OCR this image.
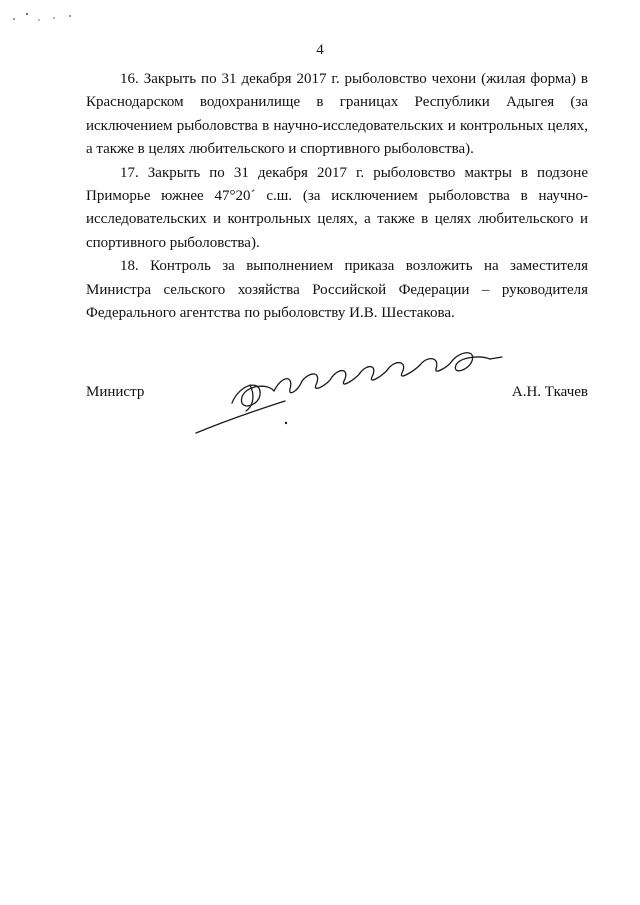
4

16. Закрыть по 31 декабря 2017 г. рыболовство чехони (жилая форма) в Краснодарском водохранилище в границах Республики Адыгея (за исключением рыболовства в научно-исследовательских и контрольных целях, а также в целях любительского и спортивного рыболовства).

17. Закрыть по 31 декабря 2017 г. рыболовство мактры в подзоне Приморье южнее 47°20´ с.ш. (за исключением рыболовства в научно-исследовательских и контрольных целях, а также в целях любительского и спортивного рыболовства).

18. Контроль за выполнением приказа возложить на заместителя Министра сельского хозяйства Российской Федерации – руководителя Федерального агентства по рыболовству И.В. Шестакова.

Министр	А.Н. Ткачев
